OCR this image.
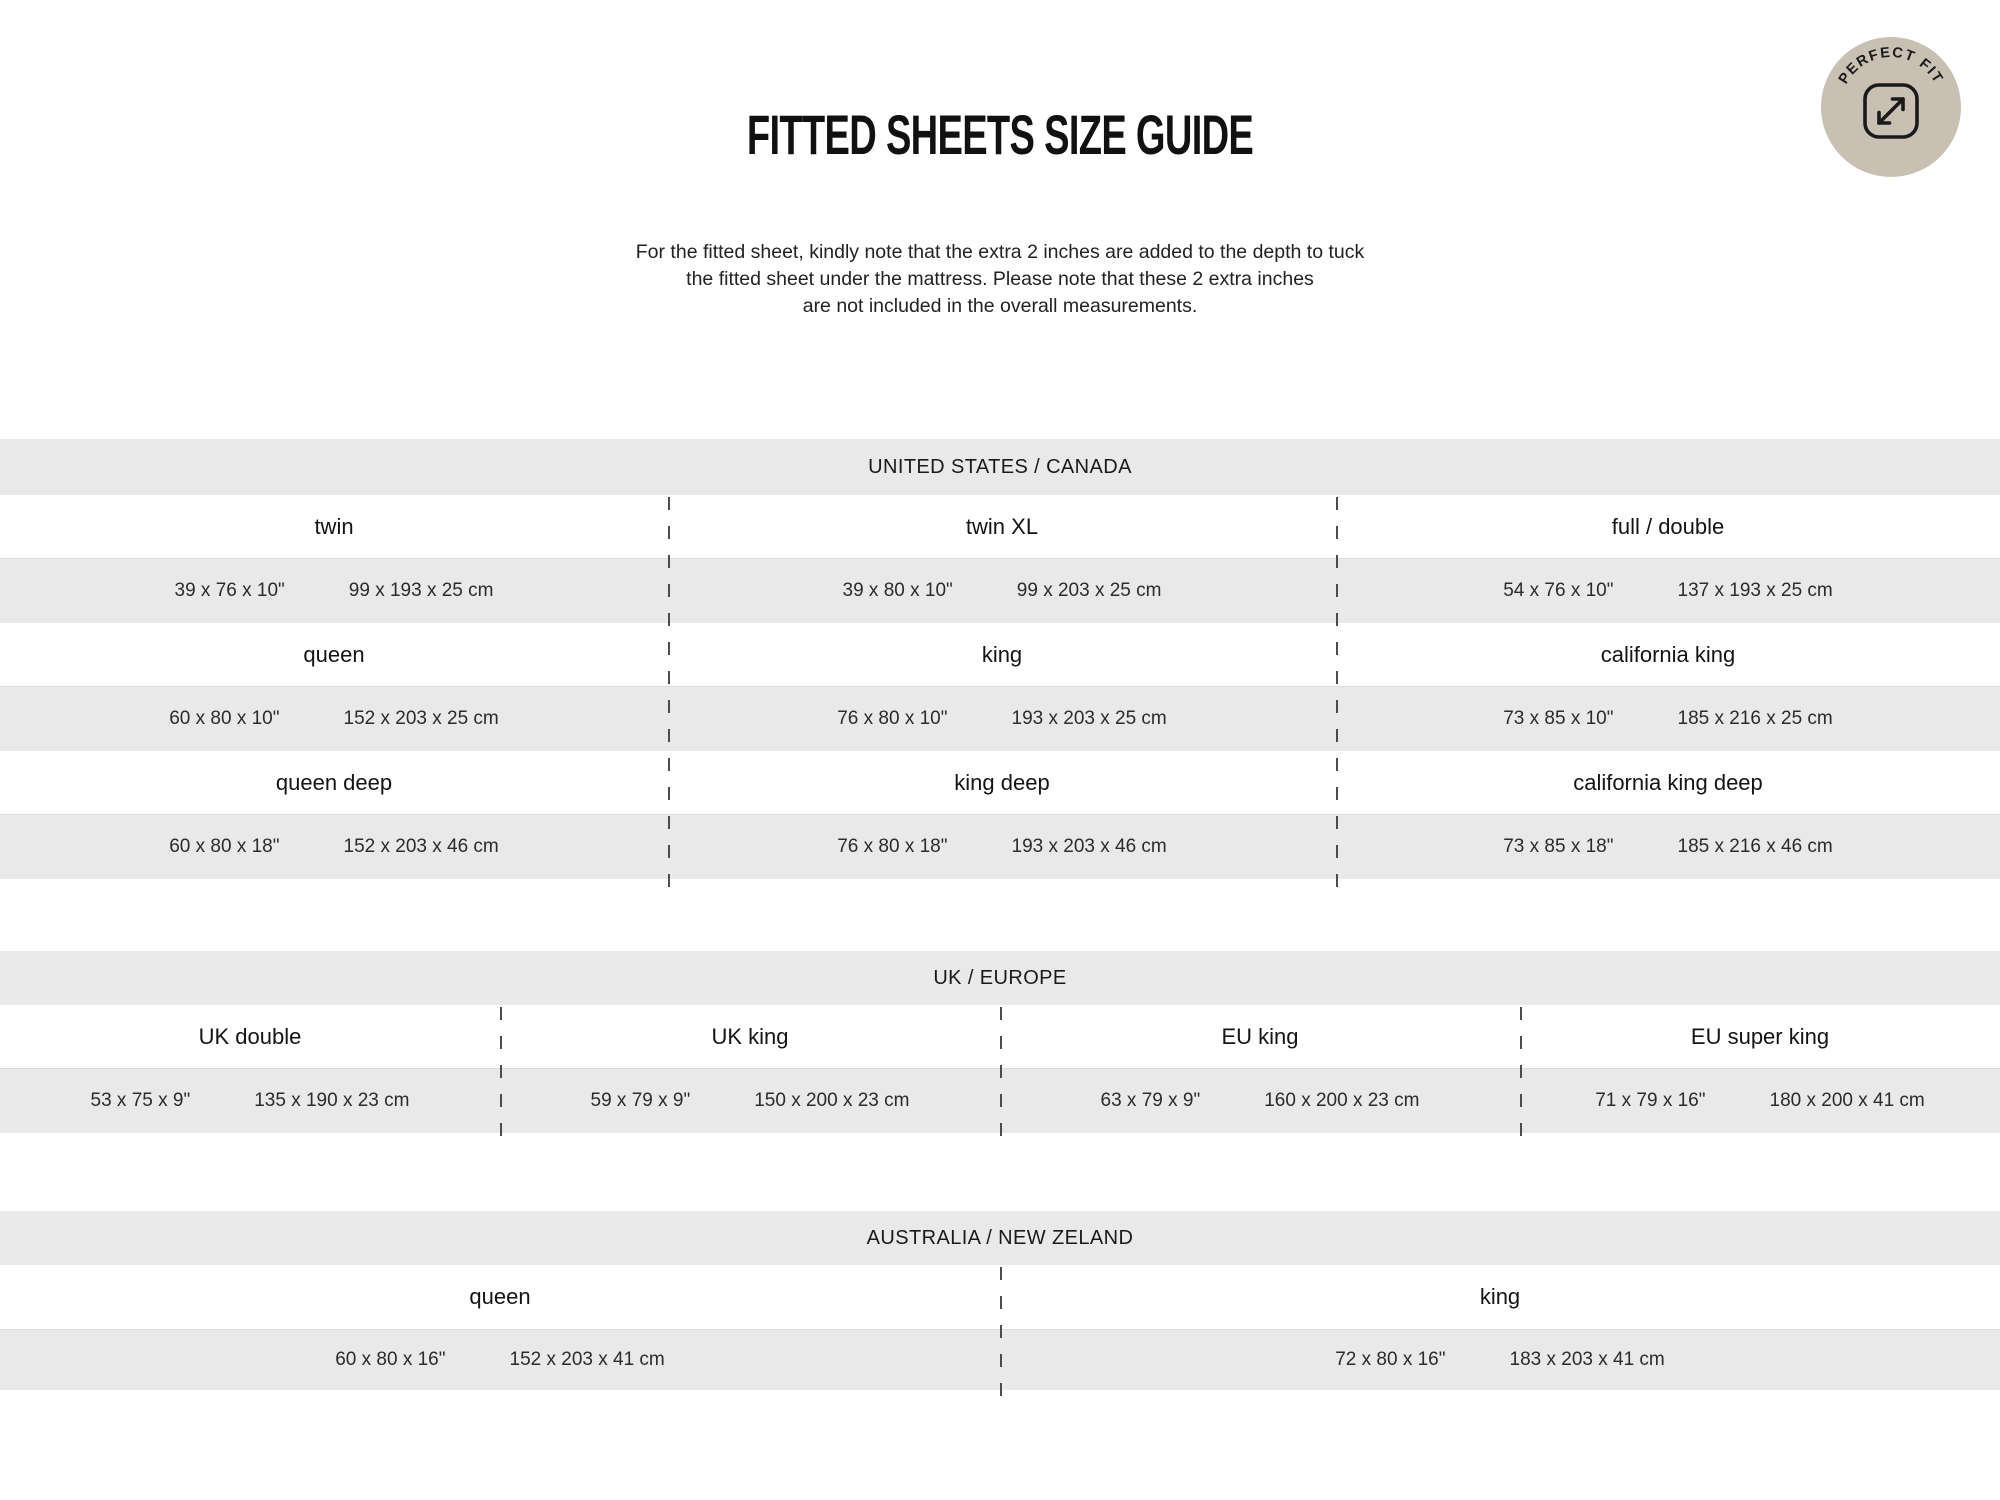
PERFECT FIT
FITTED SHEETS SIZE GUIDE
For the fitted sheet, kindly note that the extra 2 inches are added to the depth to tuck
the fitted sheet under the mattress. Please note that these 2 extra inches
are not included in the overall measurements.
UNITED STATES / CANADA
twin	twin XL	full / double
39 x 76 x 10"	99 x 193 x 25 cm	39 x 80 x 10"	99 x 203 x 25 cm	54 x 76 x 10"	137 x 193 x 25 cm
queen	king	california king
60 x 80 x 10"	152 x 203 x 25 cm	76 x 80 x 10"	193 x 203 x 25 cm	73 x 85 x 10"	185 x 216 x 25 cm
queen deep	king deep	california king deep
60 x 80 x 18"	152 x 203 x 46 cm	76 x 80 x 18"	193 x 203 x 46 cm	73 x 85 x 18"	185 x 216 x 46 cm
UK / EUROPE
UK double	UK king	EU king	EU super king
53 x 75 x 9"	135 x 190 x 23 cm	59 x 79 x 9"	150 x 200 x 23 cm	63 x 79 x 9"	160 x 200 x 23 cm	71 x 79 x 16"	180 x 200 x 41 cm
AUSTRALIA / NEW ZELAND
queen	king
60 x 80 x 16"	152 x 203 x 41 cm	72 x 80 x 16"	183 x 203 x 41 cm
